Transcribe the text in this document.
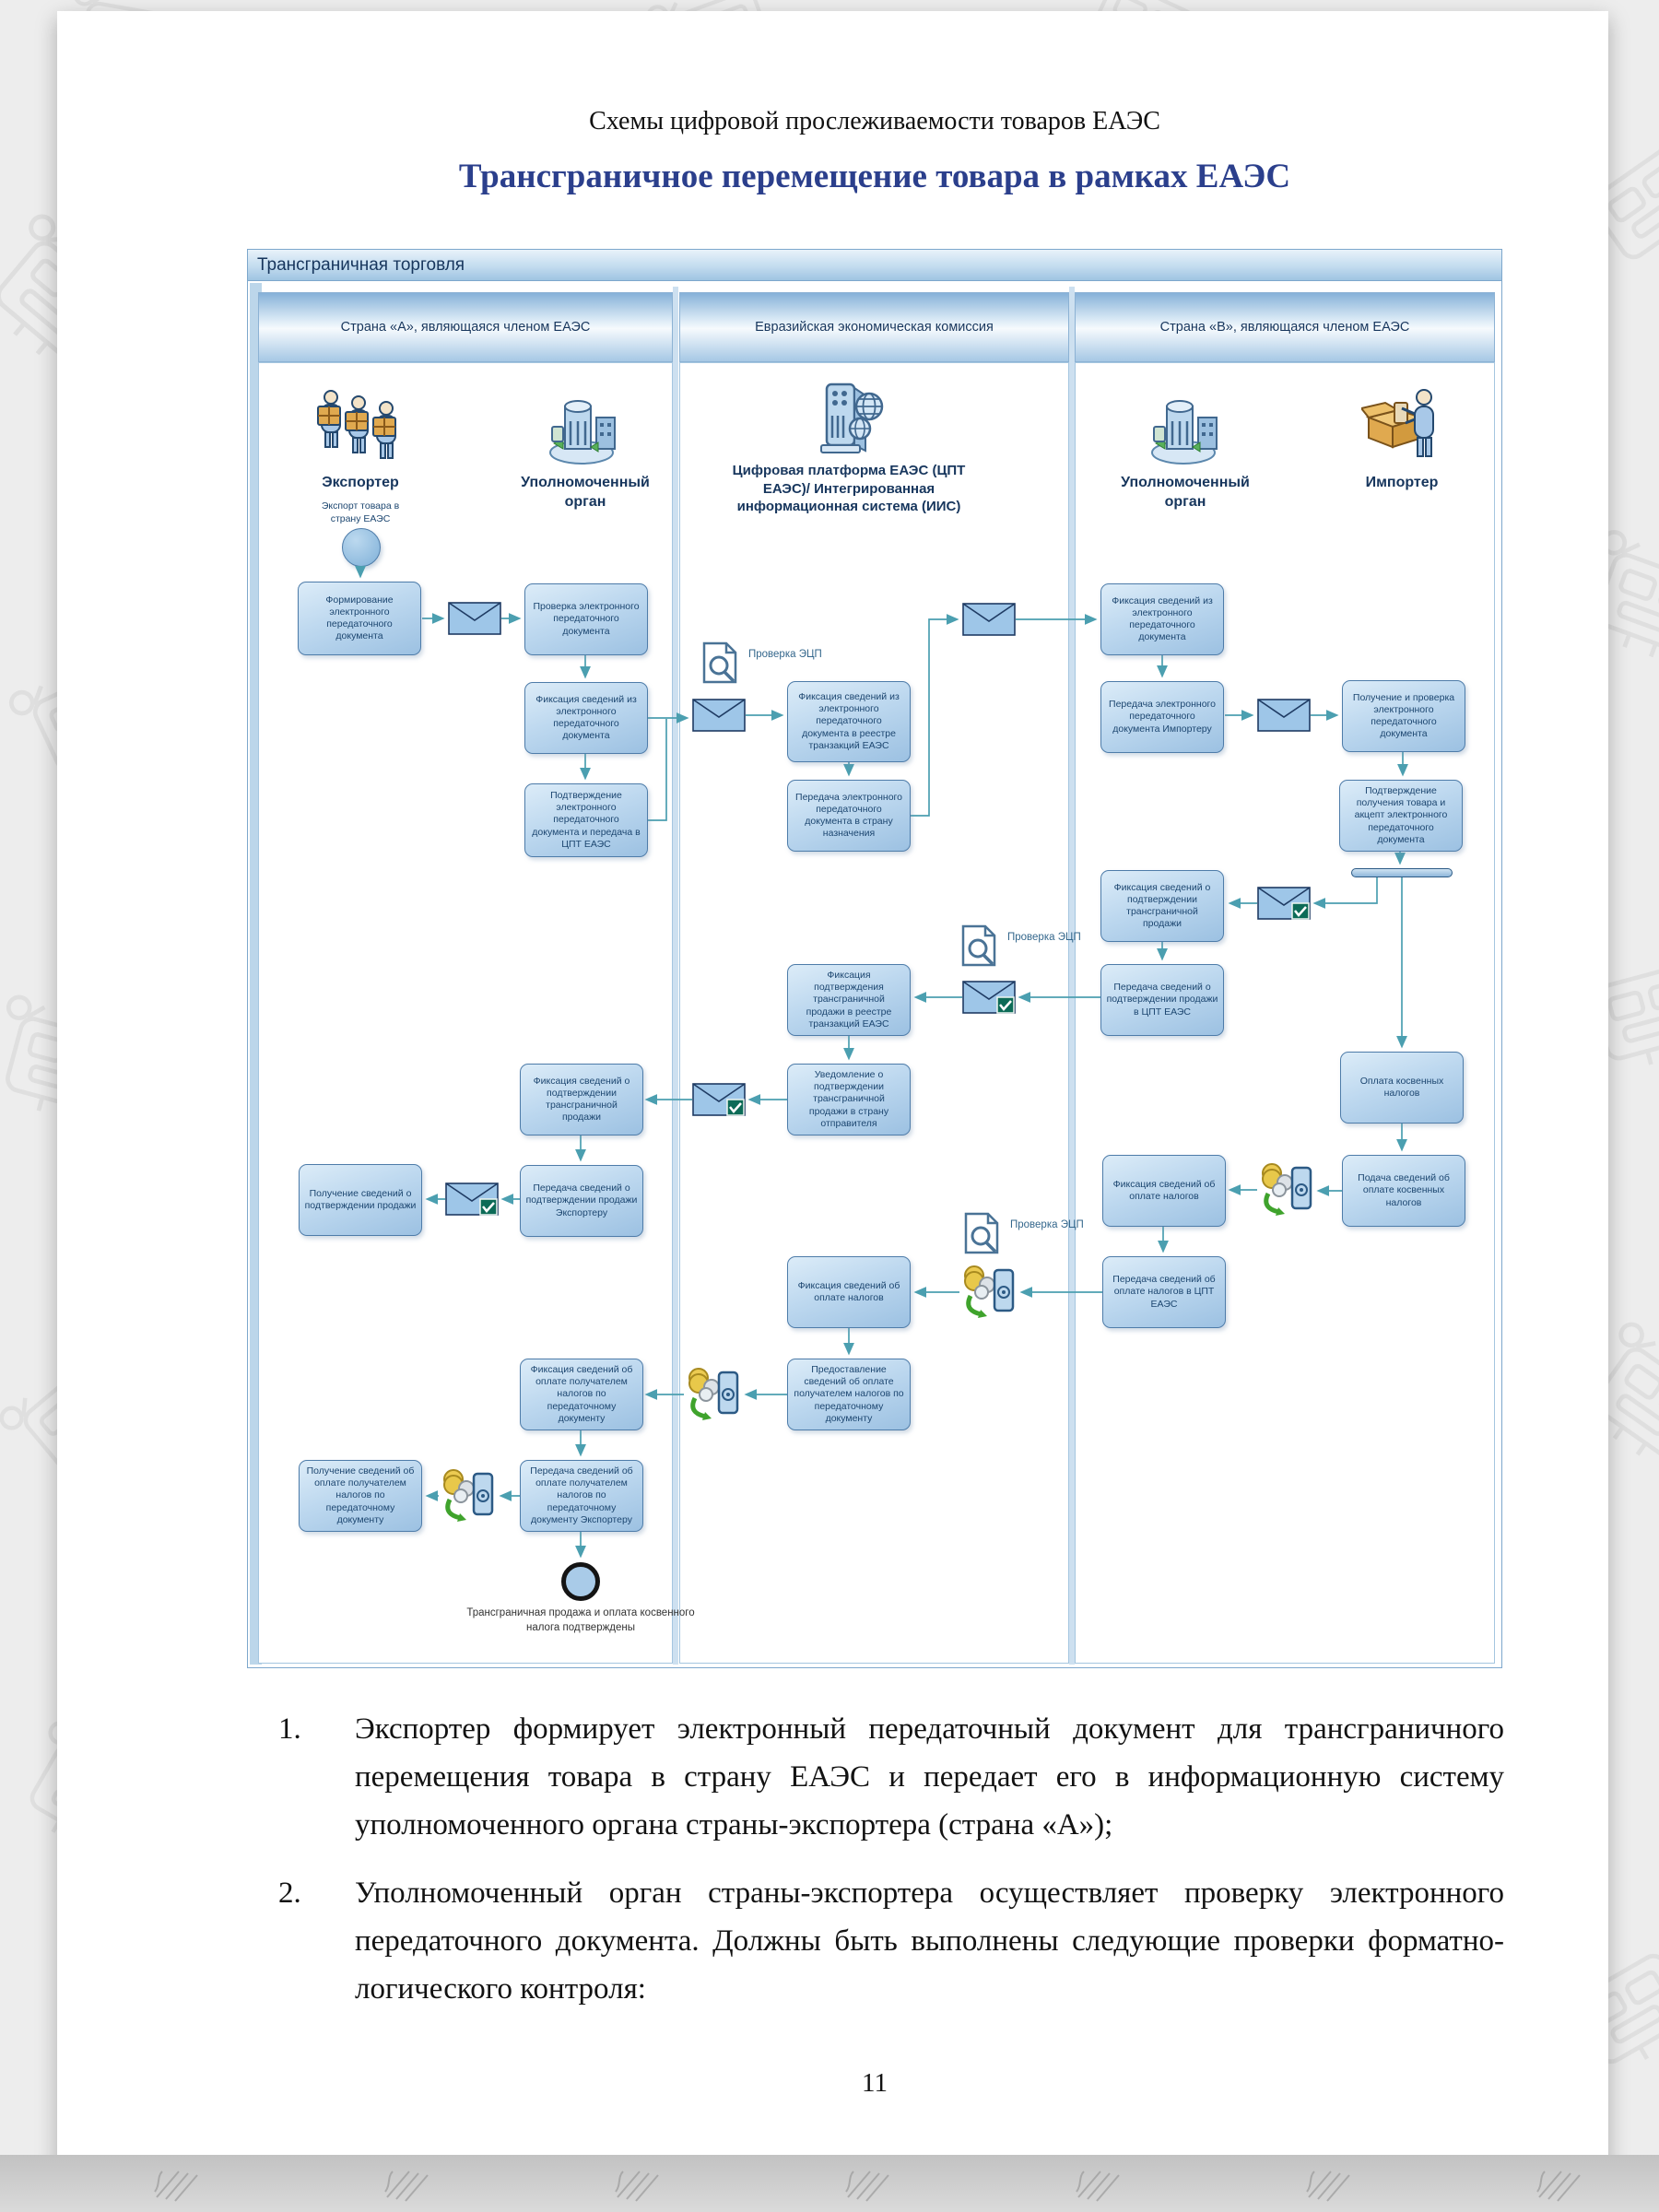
Схемы цифровой прослеживаемости товаров ЕАЭС
Трансграничное перемещение товара в рамках ЕАЭС
Трансграничная торговля
Страна «А», являющаяся членом ЕАЭС	Евразийская экономическая комиссия	Страна «В», являющаяся членом ЕАЭС
Экспортер	Уполномоченный орган
Цифровая платформа ЕАЭС (ЦПТ ЕАЭС)/ Интегрированная информационная система (ИИС)
Уполномоченный орган
Импортер
Экспорт товара в страну ЕАЭС
Формирование электронного передаточного документа
Проверка электронного передаточного документа
Фиксация сведений из электронного передаточного документа
Подтверждение электронного передаточного документа и передача в ЦПТ ЕАЭС
Фиксация сведений из электронного передаточного документа в реестре транзакций ЕАЭС
Передача электронного передаточного документа в страну назначения
Фиксация сведений из электронного передаточного документа
Передача электронного передаточного документа Импортеру
Получение и проверка электронного передаточного документа
Подтверждение получения товара и акцепт электронного передаточного документа
Фиксация сведений о подтверждении трансграничной продажи
Передача сведений о подтверждении продажи в ЦПТ ЕАЭС
Оплата косвенных налогов
Подача сведений об оплате косвенных налогов
Фиксация сведений об оплате налогов
Передача сведений об оплате налогов в ЦПТ ЕАЭС
Фиксация подтверждения трансграничной продажи в реестре транзакций ЕАЭС
Уведомление о подтверждении трансграничной продажи в страну отправителя
Фиксация сведений о подтверждении трансграничной продажи
Передача сведений о подтверждении продажи Экспортеру
Получение сведений о подтверждении продажи
Фиксация сведений об оплате налогов
Предоставление сведений об оплате получателем налогов по передаточному документу
Фиксация сведений об оплате получателем налогов по передаточному документу
Передача сведений об оплате получателем налогов по передаточному документу Экспортеру
Получение сведений об оплате получателем налогов по передаточному документу
Проверка ЭЦП
Проверка ЭЦП
Проверка ЭЦП
Трансграничная продажа и оплата косвенного налога подтверждены
1. Экспортер формирует электронный передаточный документ для трансграничного перемещения товара в страну ЕАЭС и передает его в информационную систему уполномоченного органа страны-экспортера (страна «А»);
2. Уполномоченный орган страны-экспортера осуществляет проверку электронного передаточного документа. Должны быть выполнены следующие проверки форматно-логического контроля:
11
